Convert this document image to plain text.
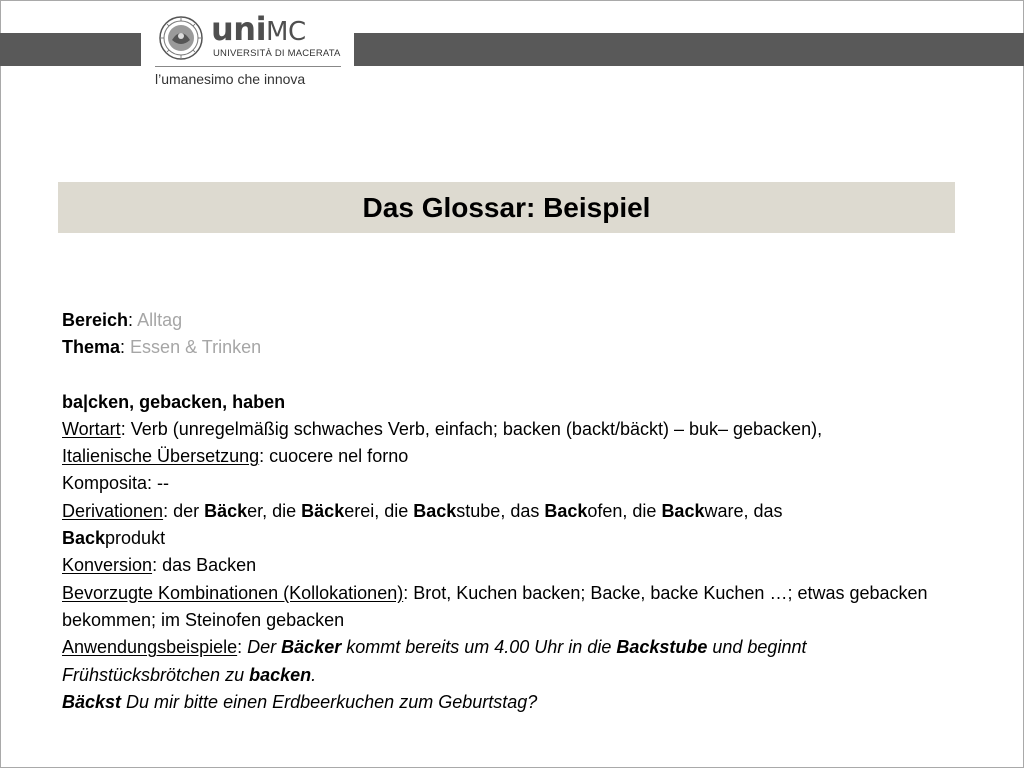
uniMC
UNIVERSITÀ DI MACERATA
l’umanesimo che innova
Das Glossar: Beispiel

Bereich: Alltag

Thema: Essen & Trinken

ba|cken, gebacken, haben

Wortart: Verb (unregelmäßig schwaches Verb, einfach; backen (backt/bäckt) – buk– gebacken),

Italienische Übersetzung: cuocere nel forno

Komposita: --

Derivationen: der Bäcker, die Bäckerei, die Backstube, das Backofen, die Backware, das
Backprodukt

Konversion: das Backen

Bevorzugte Kombinationen (Kollokationen): Brot, Kuchen backen; Backe, backe Kuchen …; etwas gebacken bekommen; im Steinofen gebacken

Anwendungsbeispiele: Der Bäcker kommt bereits um 4.00 Uhr in die Backstube und beginnt Frühstücksbrötchen zu backen.

Bäckst Du mir bitte einen Erdbeerkuchen zum Geburtstag?
